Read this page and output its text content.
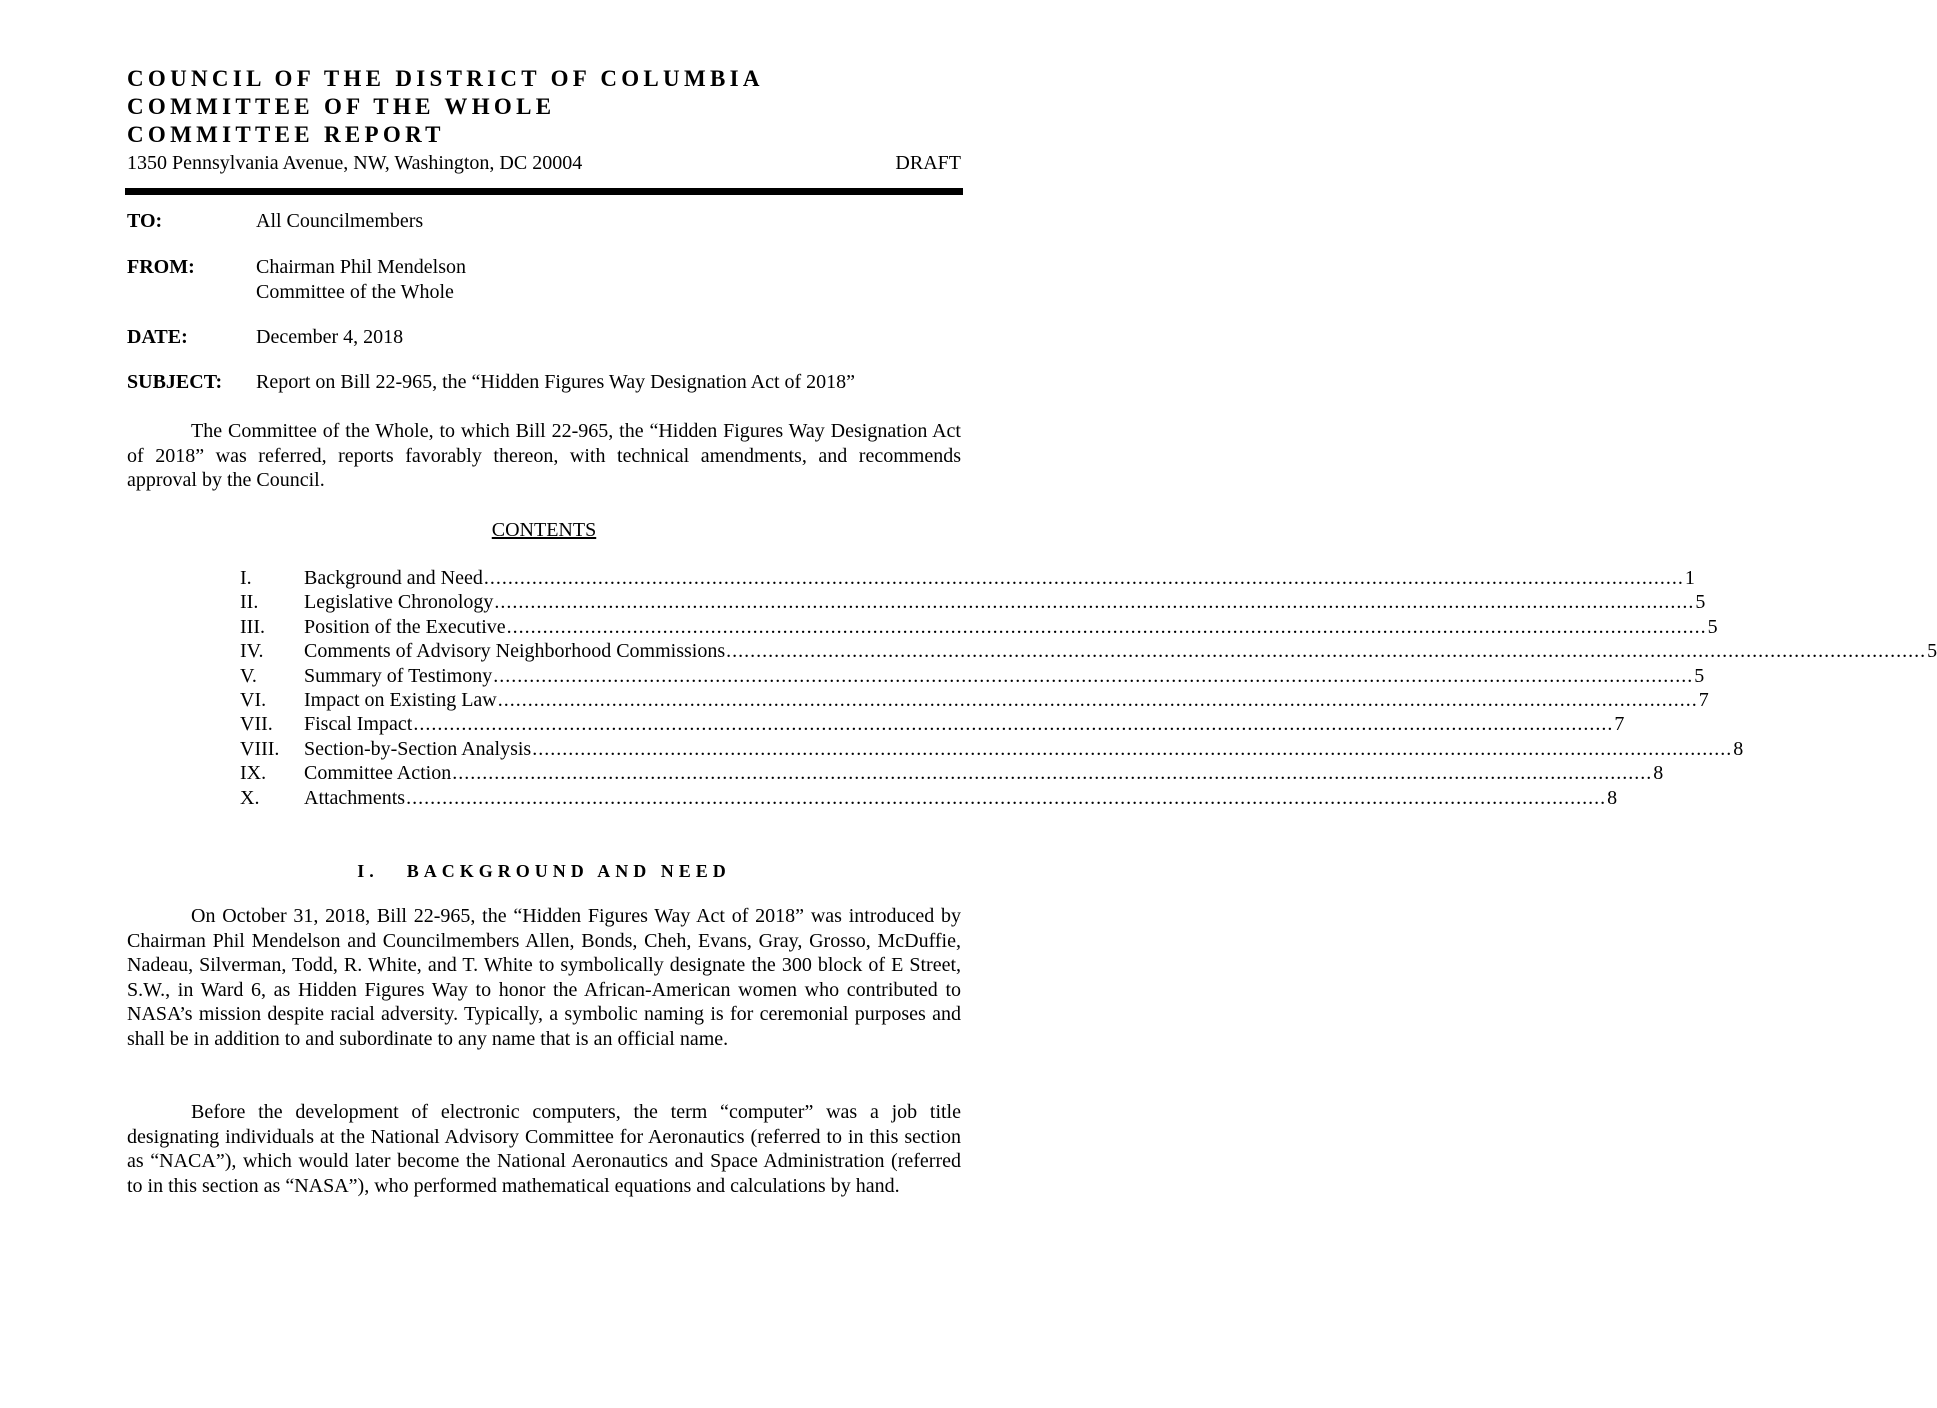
COUNCIL OF THE DISTRICT OF COLUMBIA
COMMITTEE OF THE WHOLE
COMMITTEE REPORT
1350 Pennsylvania Avenue, NW, Washington, DC 20004	DRAFT
TO:	All Councilmembers
FROM:	Chairman Phil Mendelson
Committee of the Whole
DATE:	December 4, 2018
SUBJECT: Report on Bill 22-965, the “Hidden Figures Way Designation Act of 2018”
The Committee of the Whole, to which Bill 22-965, the “Hidden Figures Way Designation Act of 2018” was referred, reports favorably thereon, with technical amendments, and recommends approval by the Council.
CONTENTS
I.	Background and Need ........................................................................................................................................................................................................ 1
II.	Legislative Chronology ........................................................................................................................................................................................................ 5
III.	Position of the Executive ........................................................................................................................................................................................................ 5
IV.	Comments of Advisory Neighborhood Commissions ........................................................................................................................................................................................................ 5
V.	Summary of Testimony ........................................................................................................................................................................................................ 5
VI.	Impact on Existing Law ........................................................................................................................................................................................................ 7
VII.	Fiscal Impact ........................................................................................................................................................................................................ 7
VIII.	Section-by-Section Analysis ........................................................................................................................................................................................................ 8
IX.	Committee Action ........................................................................................................................................................................................................ 8
X.	Attachments ........................................................................................................................................................................................................ 8
I. BACKGROUND AND NEED
On October 31, 2018, Bill 22-965, the “Hidden Figures Way Act of 2018” was introduced by Chairman Phil Mendelson and Councilmembers Allen, Bonds, Cheh, Evans, Gray, Grosso, McDuffie, Nadeau, Silverman, Todd, R. White, and T. White to symbolically designate the 300 block of E Street, S.W., in Ward 6, as Hidden Figures Way to honor the African-American women who contributed to NASA’s mission despite racial adversity. Typically, a symbolic naming is for ceremonial purposes and shall be in addition to and subordinate to any name that is an official name.
Before the development of electronic computers, the term “computer” was a job title designating individuals at the National Advisory Committee for Aeronautics (referred to in this section as “NACA”), which would later become the National Aeronautics and Space Administration (referred to in this section as “NASA”), who performed mathematical equations and calculations by hand.
